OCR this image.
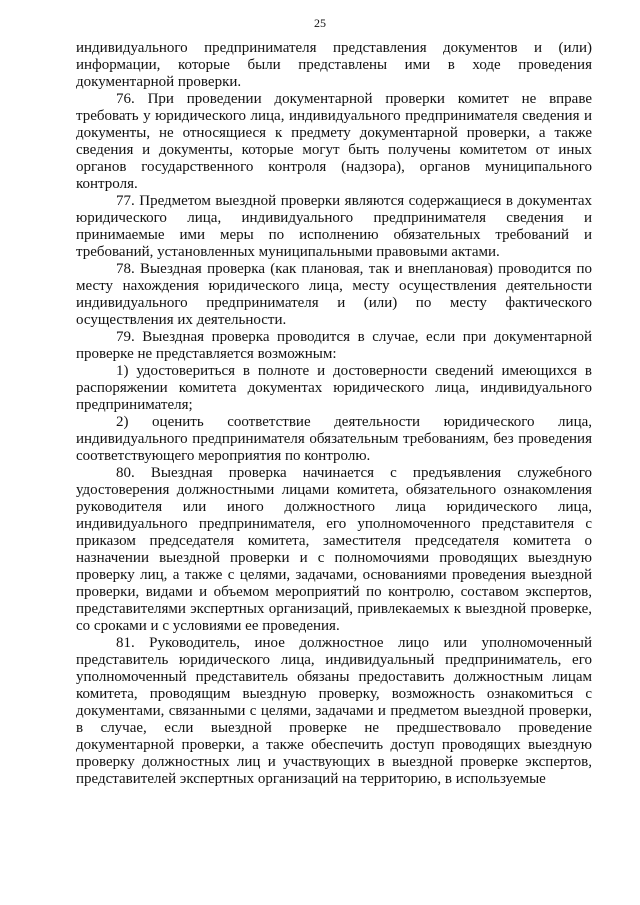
25

индивидуального предпринимателя представления документов и (или) информации, которые были представлены ими в ходе проведения документарной проверки.

76. При проведении документарной проверки комитет не вправе требовать у юридического лица, индивидуального предпринимателя сведения и документы, не относящиеся к предмету документарной проверки, а также сведения и документы, которые могут быть получены комитетом от иных органов государственного контроля (надзора), органов муниципального контроля.

77. Предметом выездной проверки являются содержащиеся в документах юридического лица, индивидуального предпринимателя сведения и принимаемые ими меры по исполнению обязательных требований и требований, установленных муниципальными правовыми актами.

78. Выездная проверка (как плановая, так и внеплановая) проводится по месту нахождения юридического лица, месту осуществления деятельности индивидуального предпринимателя и (или) по месту фактического осуществления их деятельности.

79. Выездная проверка проводится в случае, если при документарной проверке не представляется возможным:

1) удостовериться в полноте и достоверности сведений имеющихся в распоряжении комитета документах юридического лица, индивидуального предпринимателя;

2) оценить соответствие деятельности юридического лица, индивидуального предпринимателя обязательным требованиям, без проведения соответствующего мероприятия по контролю.

80. Выездная проверка начинается с предъявления служебного удостоверения должностными лицами комитета, обязательного ознакомления руководителя или иного должностного лица юридического лица, индивидуального предпринимателя, его уполномоченного представителя с приказом председателя комитета, заместителя председателя комитета о назначении выездной проверки и с полномочиями проводящих выездную проверку лиц, а также с целями, задачами, основаниями проведения выездной проверки, видами и объемом мероприятий по контролю, составом экспертов, представителями экспертных организаций, привлекаемых к выездной проверке, со сроками и с условиями ее проведения.

81. Руководитель, иное должностное лицо или уполномоченный представитель юридического лица, индивидуальный предприниматель, его уполномоченный представитель обязаны предоставить должностным лицам комитета, проводящим выездную проверку, возможность ознакомиться с документами, связанными с целями, задачами и предметом выездной проверки, в случае, если выездной проверке не предшествовало проведение документарной проверки, а также обеспечить доступ проводящих выездную проверку должностных лиц и участвующих в выездной проверке экспертов, представителей экспертных организаций на территорию, в используемые
